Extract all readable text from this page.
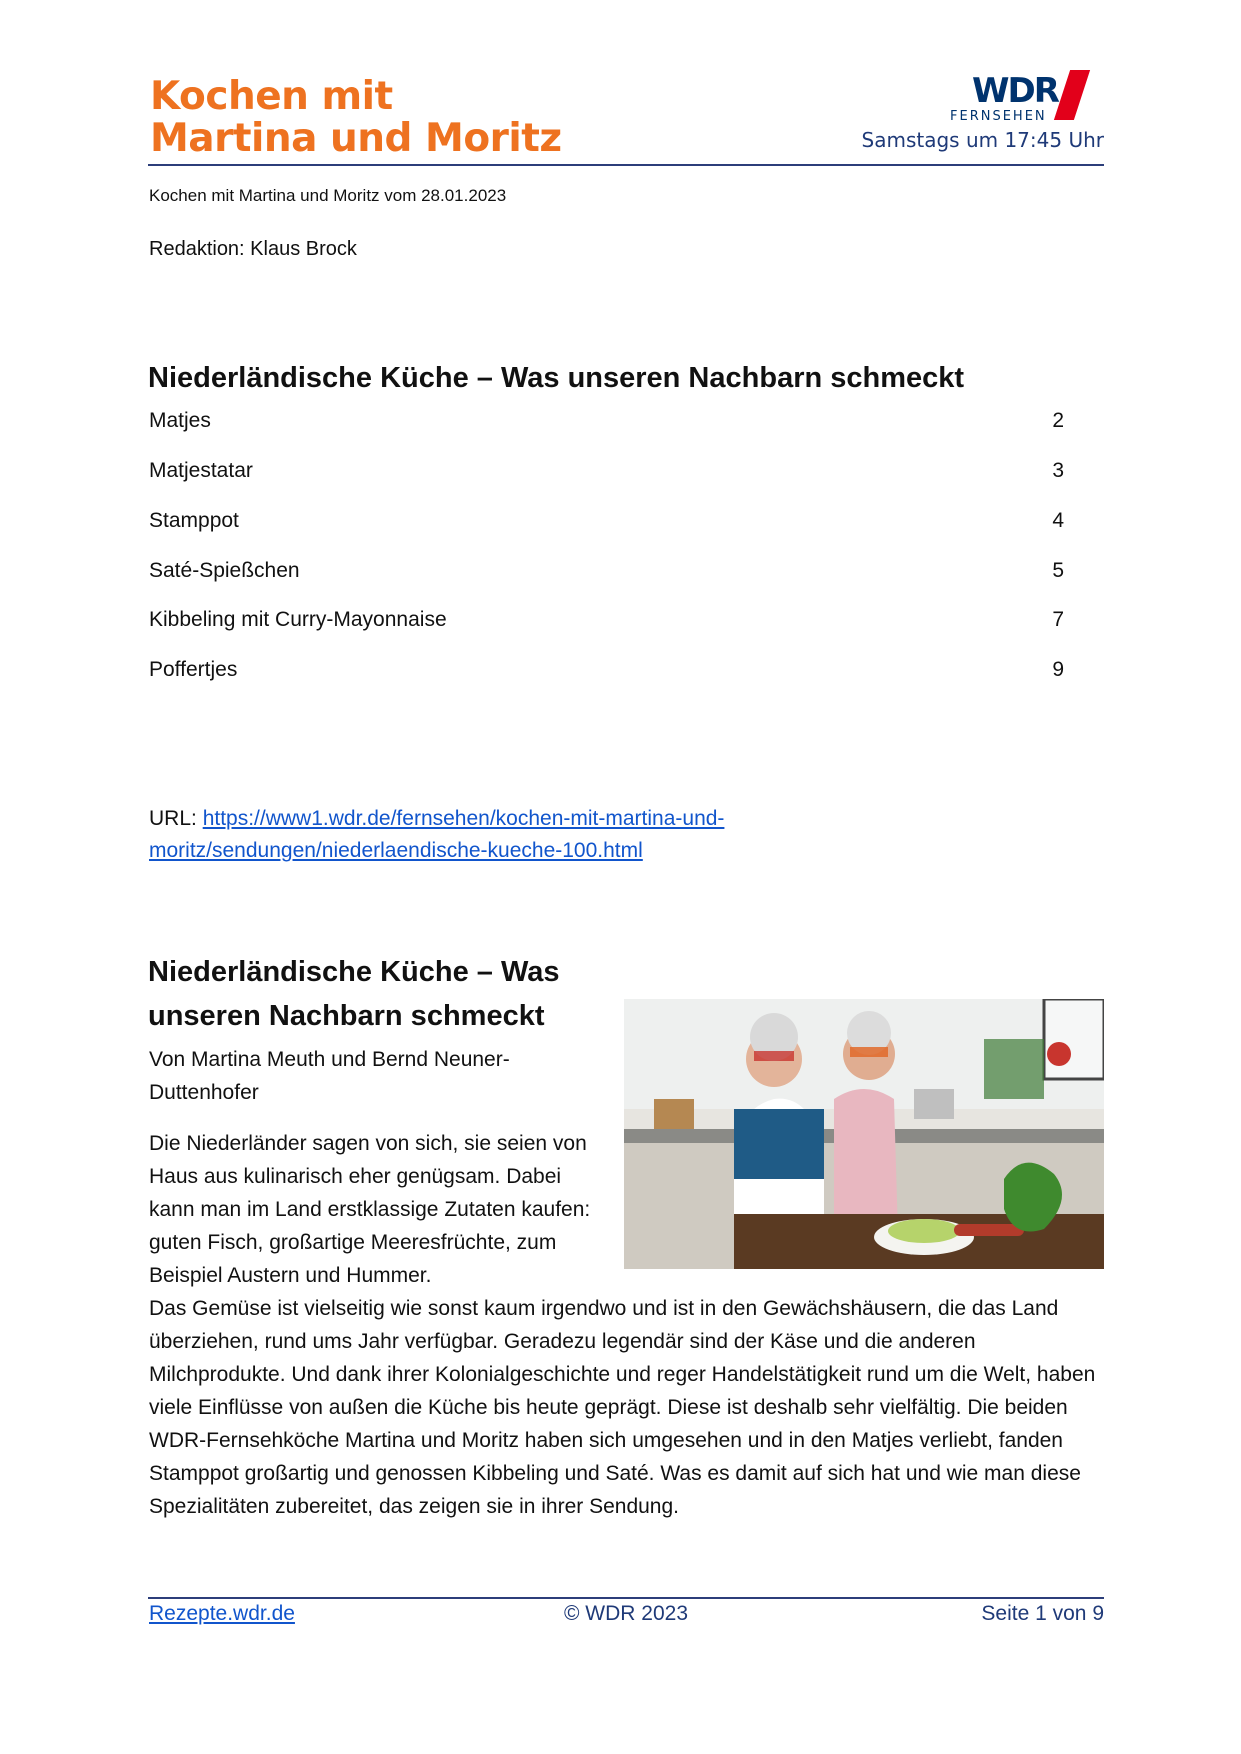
Kochen mit
Martina und Moritz
WDR
FERNSEHEN
Samstags um 17:45 Uhr
Kochen mit Martina und Moritz vom 28.01.2023
Redaktion: Klaus Brock
Niederländische Küche – Was unseren Nachbarn schmeckt
Matjes	2
Matjestatar	3
Stamppot	4
Saté-Spießchen	5
Kibbeling mit Curry-Mayonnaise	7
Poffertjes	9
URL: https://www1.wdr.de/fernsehen/kochen-mit-martina-und-moritz/sendungen/niederlaendische-kueche-100.html
Niederländische Küche – Was unseren Nachbarn schmeckt
Von Martina Meuth und Bernd Neuner-Duttenhofer
Die Niederländer sagen von sich, sie seien von Haus aus kulinarisch eher genügsam. Dabei kann man im Land erstklassige Zutaten kaufen: guten Fisch, großartige Meeresfrüchte, zum Beispiel Austern und Hummer.
Das Gemüse ist vielseitig wie sonst kaum irgendwo und ist in den Gewächshäusern, die das Land überziehen, rund ums Jahr verfügbar. Geradezu legendär sind der Käse und die anderen Milchprodukte. Und dank ihrer Kolonialgeschichte und reger Handelstätigkeit rund um die Welt, haben viele Einflüsse von außen die Küche bis heute geprägt. Diese ist deshalb sehr vielfältig. Die beiden WDR-Fernsehköche Martina und Moritz haben sich umgesehen und in den Matjes verliebt, fanden Stamppot großartig und genossen Kibbeling und Saté. Was es damit auf sich hat und wie man diese Spezialitäten zubereitet, das zeigen sie in ihrer Sendung.
Rezepte.wdr.de	© WDR 2023	Seite 1 von 9
